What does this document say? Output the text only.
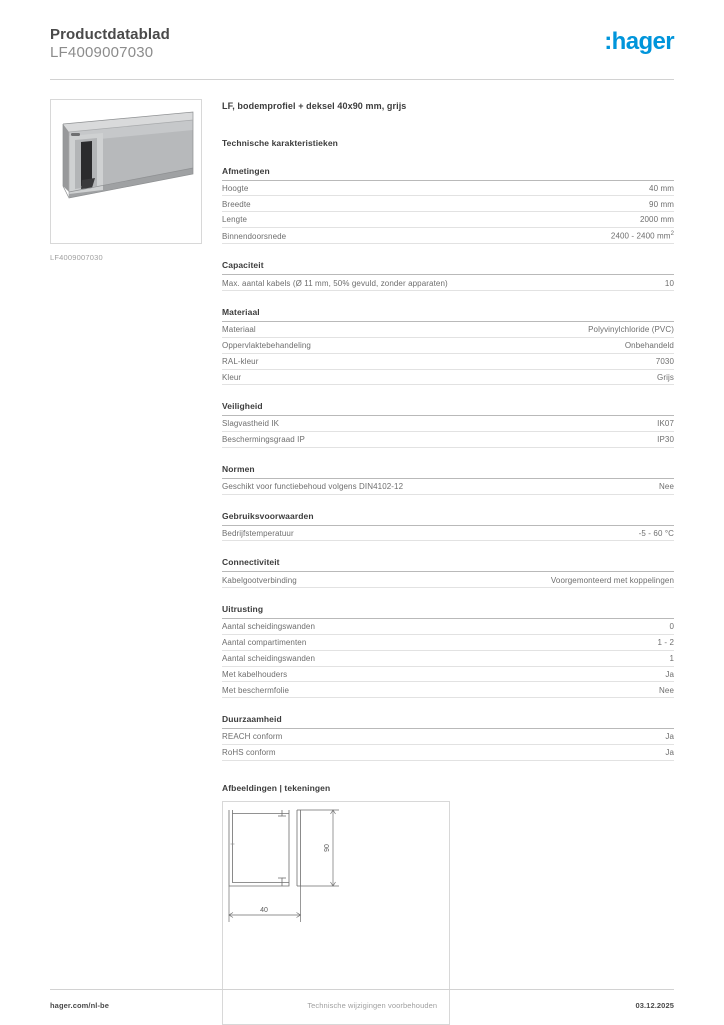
Productdatablad
LF4009007030	:hager
LF4009007030
LF, bodemprofiel + deksel 40x90 mm, grijs
Technische karakteristieken
Afmetingen
Hoogte	40 mm
Breedte	90 mm
Lengte	2000 mm
Binnendoorsnede	2400 - 2400 $mm^2$
Capaciteit
Max. aantal kabels (Ø 11 mm, 50% gevuld, zonder apparaten)	10
Materiaal
Materiaal	Polyvinylchloride (PVC)
Oppervlaktebehandeling	Onbehandeld
RAL-kleur	7030
Kleur	Grijs
Veiligheid
Slagvastheid IK	IK07
Beschermingsgraad IP	IP30
Normen
Geschikt voor functiebehoud volgens DIN4102-12	Nee
Gebruiksvoorwaarden
Bedrijfstemperatuur	-5 - 60 °C
Connectiviteit
Kabelgootverbinding	Voorgemonteerd met koppelingen
Uitrusting
Aantal scheidingswanden	0
Aantal compartimenten	1 - 2
Aantal scheidingswanden	1
Met kabelhouders	Ja
Met beschermfolie	Nee
Duurzaamheid
REACH conform	Ja
RoHS conform	Ja
Afbeeldingen | tekeningen
90
40
hager.com/nl-be	Technische wijzigingen voorbehouden	03.12.2025
